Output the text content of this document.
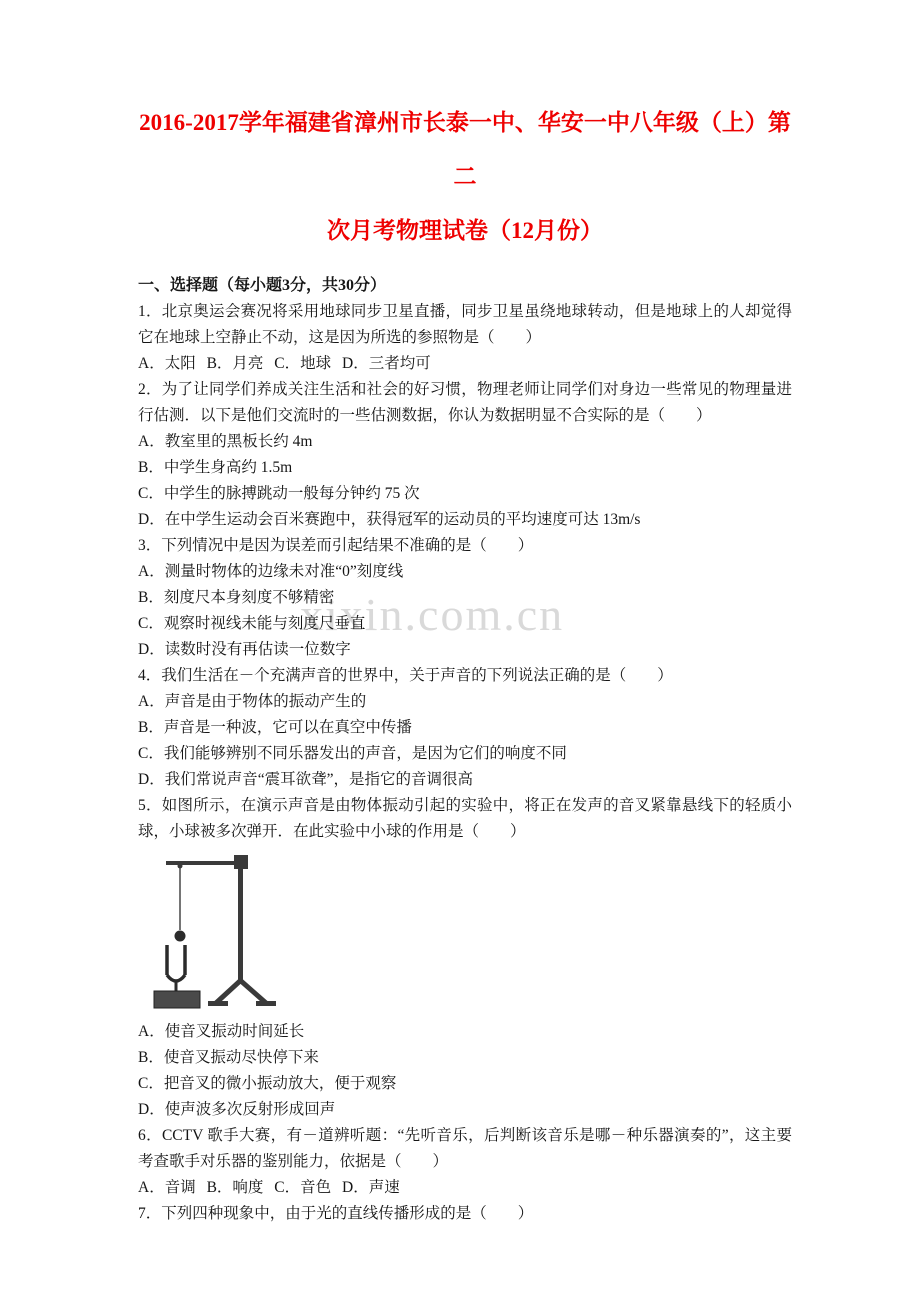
xixin.com.cn
2016-2017学年福建省漳州市长泰一中、华安一中八年级（上）第二
次月考物理试卷（12月份）

一、选择题（每小题3分，共30分）

1．北京奥运会赛况将采用地球同步卫星直播，同步卫星虽绕地球转动，但是地球上的人却觉得它在地球上空静止不动，这是因为所选的参照物是（　　）

A．太阳 B．月亮 C．地球 D．三者均可

2．为了让同学们养成关注生活和社会的好习惯，物理老师让同学们对身边一些常见的物理量进行估测．以下是他们交流时的一些估测数据，你认为数据明显不合实际的是（　　）

A．教室里的黑板长约 4m

B．中学生身高约 1.5m

C．中学生的脉搏跳动一般每分钟约 75 次

D．在中学生运动会百米赛跑中，获得冠军的运动员的平均速度可达 13m/s

3．下列情况中是因为误差而引起结果不准确的是（　　）

A．测量时物体的边缘未对准“0”刻度线

B．刻度尺本身刻度不够精密

C．观察时视线未能与刻度尺垂直

D．读数时没有再估读一位数字

4．我们生活在－个充满声音的世界中，关于声音的下列说法正确的是（　　）

A．声音是由于物体的振动产生的

B．声音是一种波，它可以在真空中传播

C．我们能够辨别不同乐器发出的声音，是因为它们的响度不同

D．我们常说声音“震耳欲聋”，是指它的音调很高

5．如图所示，在演示声音是由物体振动引起的实验中，将正在发声的音叉紧靠悬线下的轻质小球，小球被多次弹开．在此实验中小球的作用是（　　）

A．使音叉振动时间延长

B．使音叉振动尽快停下来

C．把音叉的微小振动放大，便于观察

D．使声波多次反射形成回声

6．CCTV 歌手大赛，有－道辨听题：“先听音乐，后判断该音乐是哪－种乐器演奏的”，这主要考查歌手对乐器的鉴别能力，依据是（　　）

A．音调 B．响度 C．音色 D．声速

7．下列四种现象中，由于光的直线传播形成的是（　　）
